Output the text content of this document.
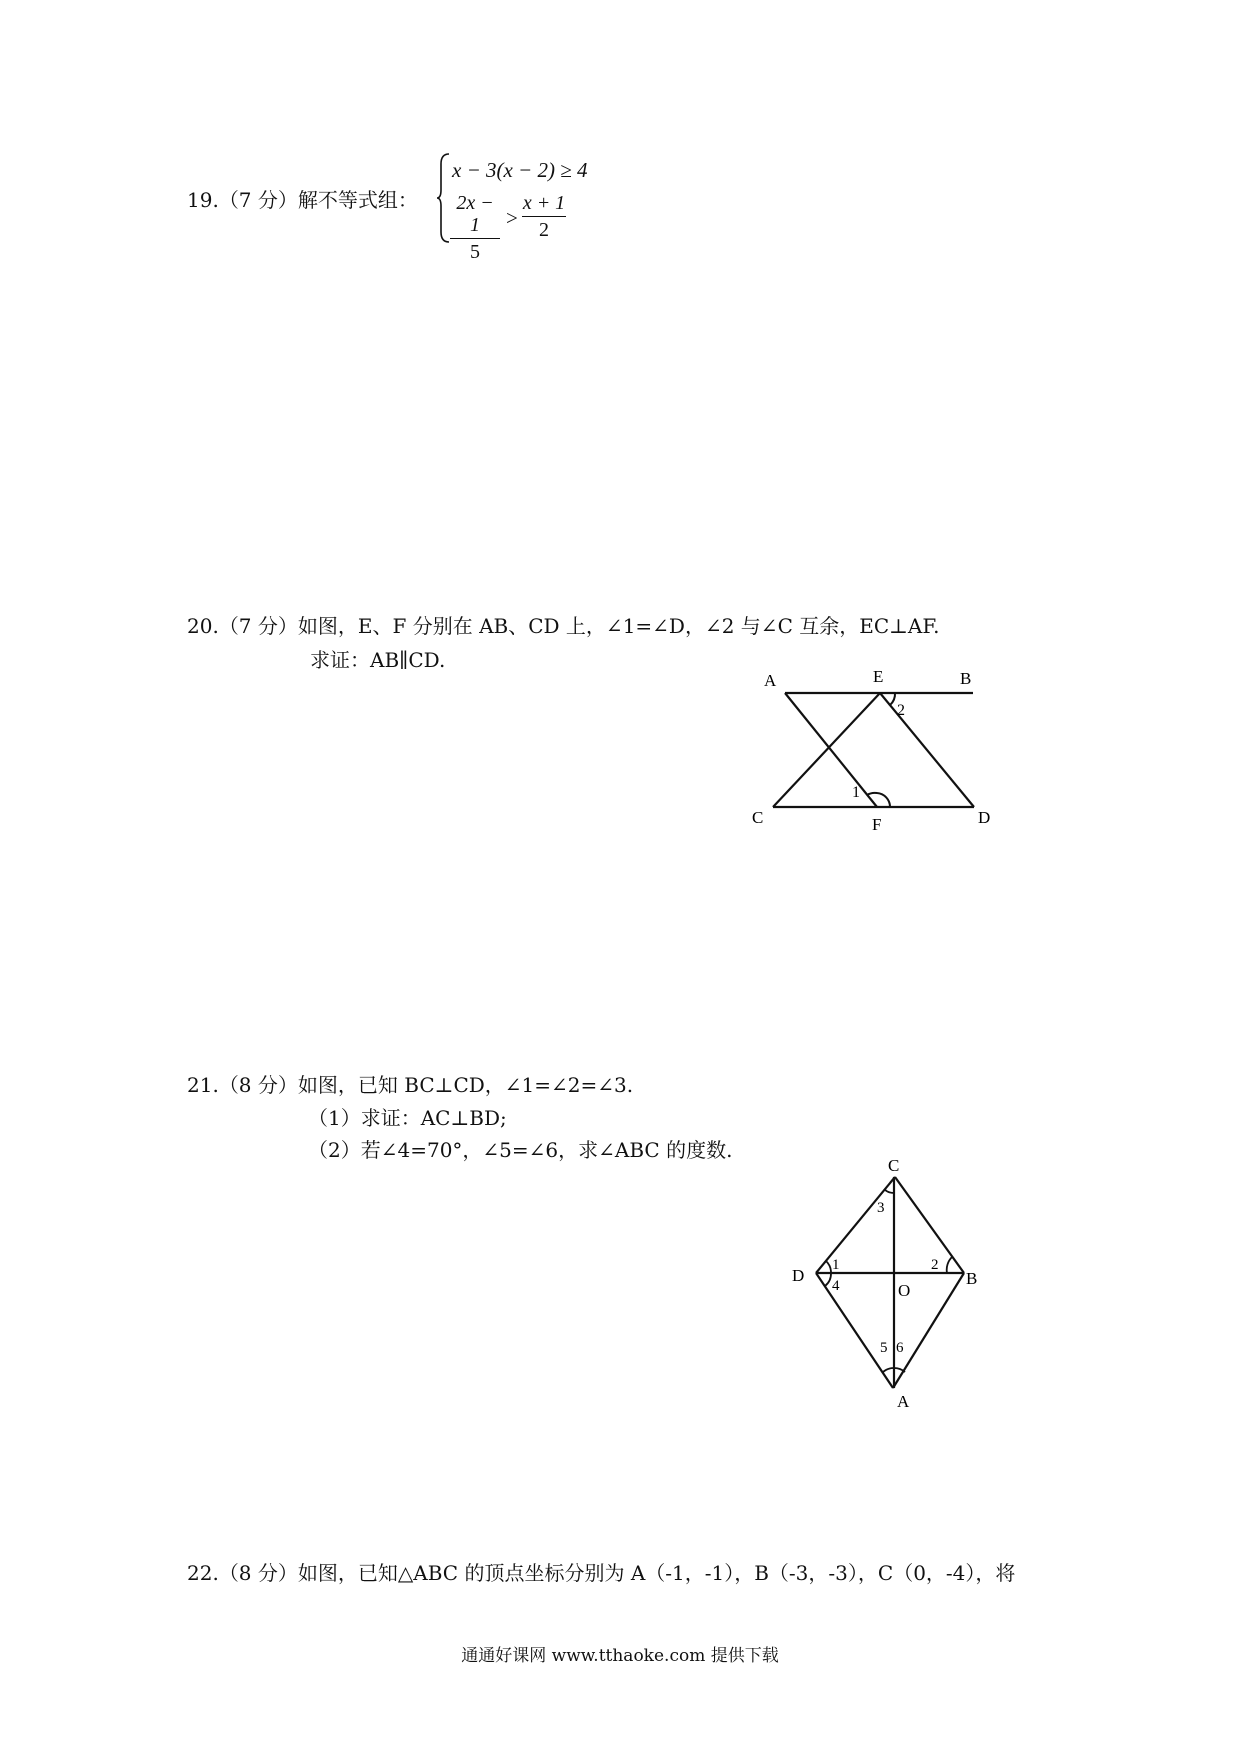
19.（7 分）解不等式组：
x − 3(x − 2) ≥ 4
2x − 1
5
>
x + 1
2
20.（7 分）如图，E、F 分别在 AB、CD 上，∠1=∠D，∠2 与∠C 互余，EC⊥AF.
求证：AB∥CD.
A	E	B
C	F	D
1
2
21.（8 分）如图，已知 BC⊥CD，∠1=∠2=∠3.
（1）求证：AC⊥BD;
（2）若∠4=70°，∠5=∠6，求∠ABC 的度数.
C
D	B
O
A
1	2
3
4
5 6
22.（8 分）如图，已知△ABC 的顶点坐标分别为 A（-1，-1），B（-3，-3），C（0，-4），将
通通好课网 www.tthaoke.com 提供下载
